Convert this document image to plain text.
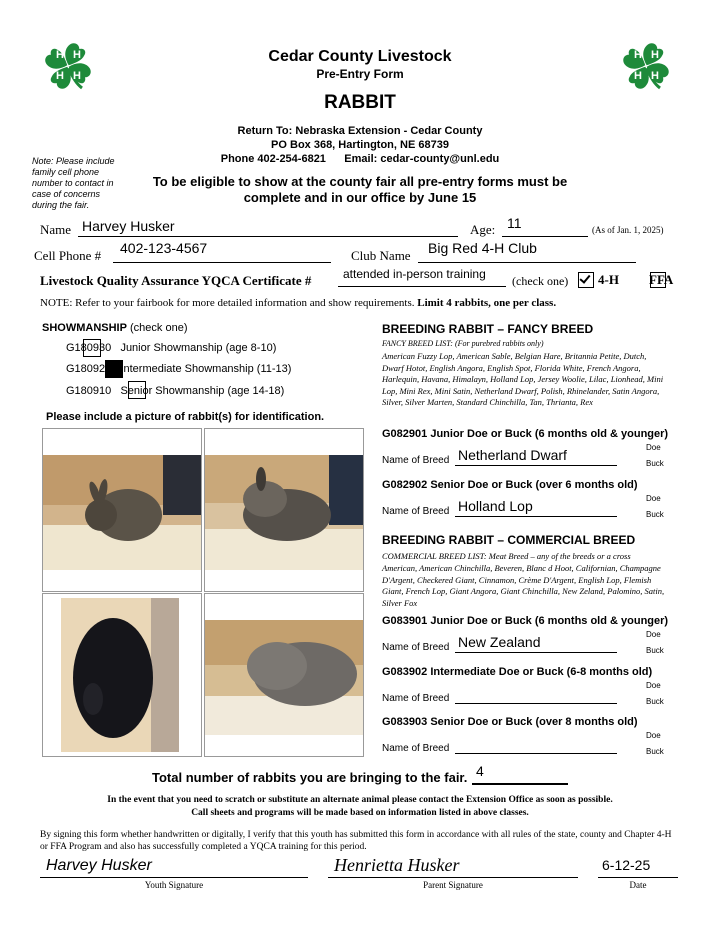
H H
H H
H H
H H
Cedar County Livestock
Pre-Entry Form
RABBIT
Return To: Nebraska Extension - Cedar County
PO Box 368, Hartington, NE 68739
Phone 402-254-6821 Email: cedar-county@unl.edu
Note: Please include family cell phone number to contact in case of concerns during the fair.
To be eligible to show at the county fair all pre-entry forms must be complete and in our office by June 15
Name Harvey Husker	Age: 11	(As of Jan. 1, 2025)
Cell Phone # 402-123-4567	Club Name Big Red 4-H Club
Livestock Quality Assurance YQCA Certificate #	attended in-person training (check one)
4-H
FFA
NOTE: Refer to your fairbook for more detailed information and show requirements. Limit 4 rabbits, one per class.
SHOWMANSHIP (check one)

G180930 Junior Showmanship (age 8-10)

G180920 Intermediate Showmanship (11-13)

G180910 Senior Showmanship (age 14-18)
Please include a picture of rabbit(s) for identification.
BREEDING RABBIT – FANCY BREED
FANCY BREED LIST: (For purebred rabbits only)
American Fuzzy Lop, American Sable, Belgian Hare, Britannia Petite, Dutch, Dwarf Hotot, English Angora, English Spot, Florida White, French Angora, Harlequin, Havana, Himalayn, Holland Lop, Jersey Woolie, Lilac, Lionhead, Mini Lop, Mini Rex, Mini Satin, Netherland Dwarf, Polish, Rhinelander, Satin Angora, Silver, Silver Marten, Standard Chinchilla, Tan, Thrianta, Rex
G082901 Junior Doe or Buck (6 months old & younger)
Name of Breed Netherland Dwarf
	Doe

Buck
G082902 Senior Doe or Buck (over 6 months old)
Name of Breed Holland Lop
	Doe

Buck
BREEDING RABBIT – COMMERCIAL BREED
COMMERCIAL BREED LIST: Meat Breed – any of the breeds or a cross
American, American Chinchilla, Beveren, Blanc d Hoot, Californian, Champagne D'Argent, Checkered Giant, Cinnamon, Crème D'Argent, English Lop, Flemish Giant, French Lop, Giant Angora, Giant Chinchilla, New Zeland, Palomino, Satin, Silver Fox
G083901 Junior Doe or Buck (6 months old & younger)
Name of Breed New Zealand
	Doe

Buck
G083902 Intermediate Doe or Buck (6-8 months old)
Name of Breed

Doe

Buck
G083903 Senior Doe or Buck (over 8 months old)
Name of Breed

Doe
Buck
Total number of rabbits you are bringing to the fair. 4
In the event that you need to scratch or substitute an alternate animal please contact the Extension Office as soon as possible.
Call sheets and programs will be made based on information listed in above classes.
By signing this form whether handwritten or digitally, I verify that this youth has submitted this form in accordance with all rules of the state, county and Chapter 4-H or FFA Program and also has successfully completed a YQCA training for this period.
Harvey Husker
Youth Signature
Henrietta Husker
Parent Signature
6-12-25
Date
